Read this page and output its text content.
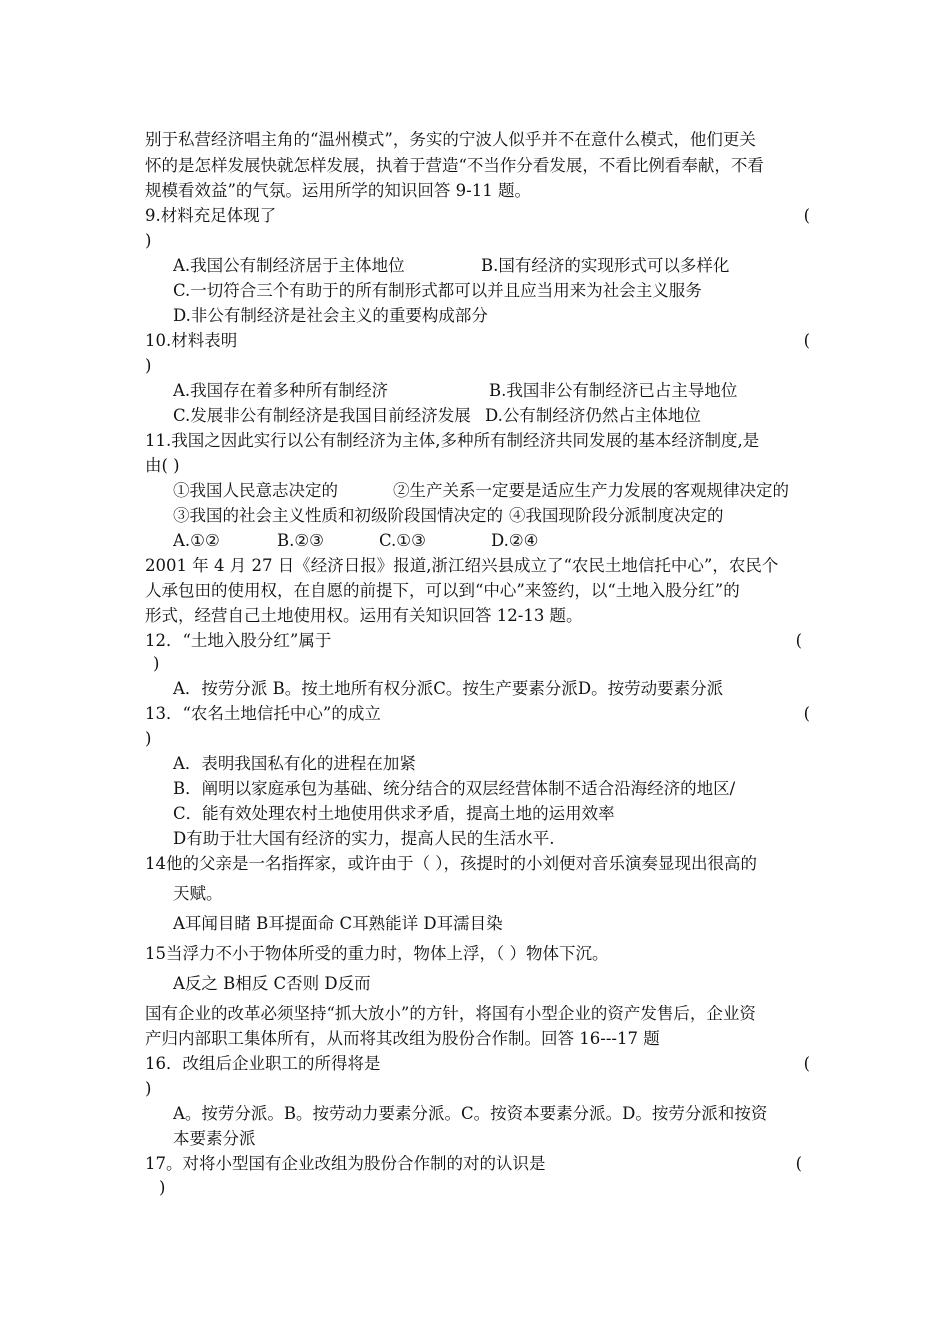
别于私营经济唱主角的“温州模式”，务实的宁波人似乎并不在意什么模式，他们更关
怀的是怎样发展快就怎样发展，执着于营造“不当作分看发展，不看比例看奉献，不看
规模看效益”的气氛。运用所学的知识回答 9-11 题。
9.材料充足体现了	(
)
A.我国公有制经济居于主体地位	B.国有经济的实现形式可以多样化
C.一切符合三个有助于的所有制形式都可以并且应当用来为社会主义服务
D.非公有制经济是社会主义的重要构成部分
10.材料表明	(
)
A.我国存在着多种所有制经济	B.我国非公有制经济已占主导地位
C.发展非公有制经济是我国目前经济发展 D.公有制经济仍然占主体地位
11.我国之因此实行以公有制经济为主体,多种所有制经济共同发展的基本经济制度,是
由( )
①我国人民意志决定的	②生产关系一定要是适应生产力发展的客观规律决定的
③我国的社会主义性质和初级阶段国情决定的 ④我国现阶段分派制度决定的
A.①②	B.②③	C.①③	D.②④
2001 年 4 月 27 日《经济日报》报道,浙江绍兴县成立了“农民土地信托中心”，农民个
人承包田的使用权，在自愿的前提下，可以到“中心”来签约，以“土地入股分红”的
形式，经营自己土地使用权。运用有关知识回答 12-13 题。
12．“土地入股分红”属于	(
)
A．按劳分派 B。按土地所有权分派C。按生产要素分派D。按劳动要素分派
13．“农名土地信托中心”的成立	(
)
A．表明我国私有化的进程在加紧
B．阐明以家庭承包为基础、统分结合的双层经营体制不适合沿海经济的地区/
C．能有效处理农村土地使用供求矛盾，提高土地的运用效率
D有助于壮大国有经济的实力，提高人民的生活水平.
14他的父亲是一名指挥家，或许由于（ ），孩提时的小刘便对音乐演奏显现出很高的
天赋。
A耳闻目睹 B耳提面命 C耳熟能详 D耳濡目染
15当浮力不小于物体所受的重力时，物体上浮，（ ）物体下沉。
A反之 B相反 C否则 D反而
国有企业的改革必须坚持“抓大放小”的方针，将国有小型企业的资产发售后，企业资
产归内部职工集体所有，从而将其改组为股份合作制。回答 16---17 题
16．改组后企业职工的所得将是	(
)
A。按劳分派。B。按劳动力要素分派。C。按资本要素分派。D。按劳分派和按资
本要素分派
17。对将小型国有企业改组为股份合作制的对的认识是	(
)
